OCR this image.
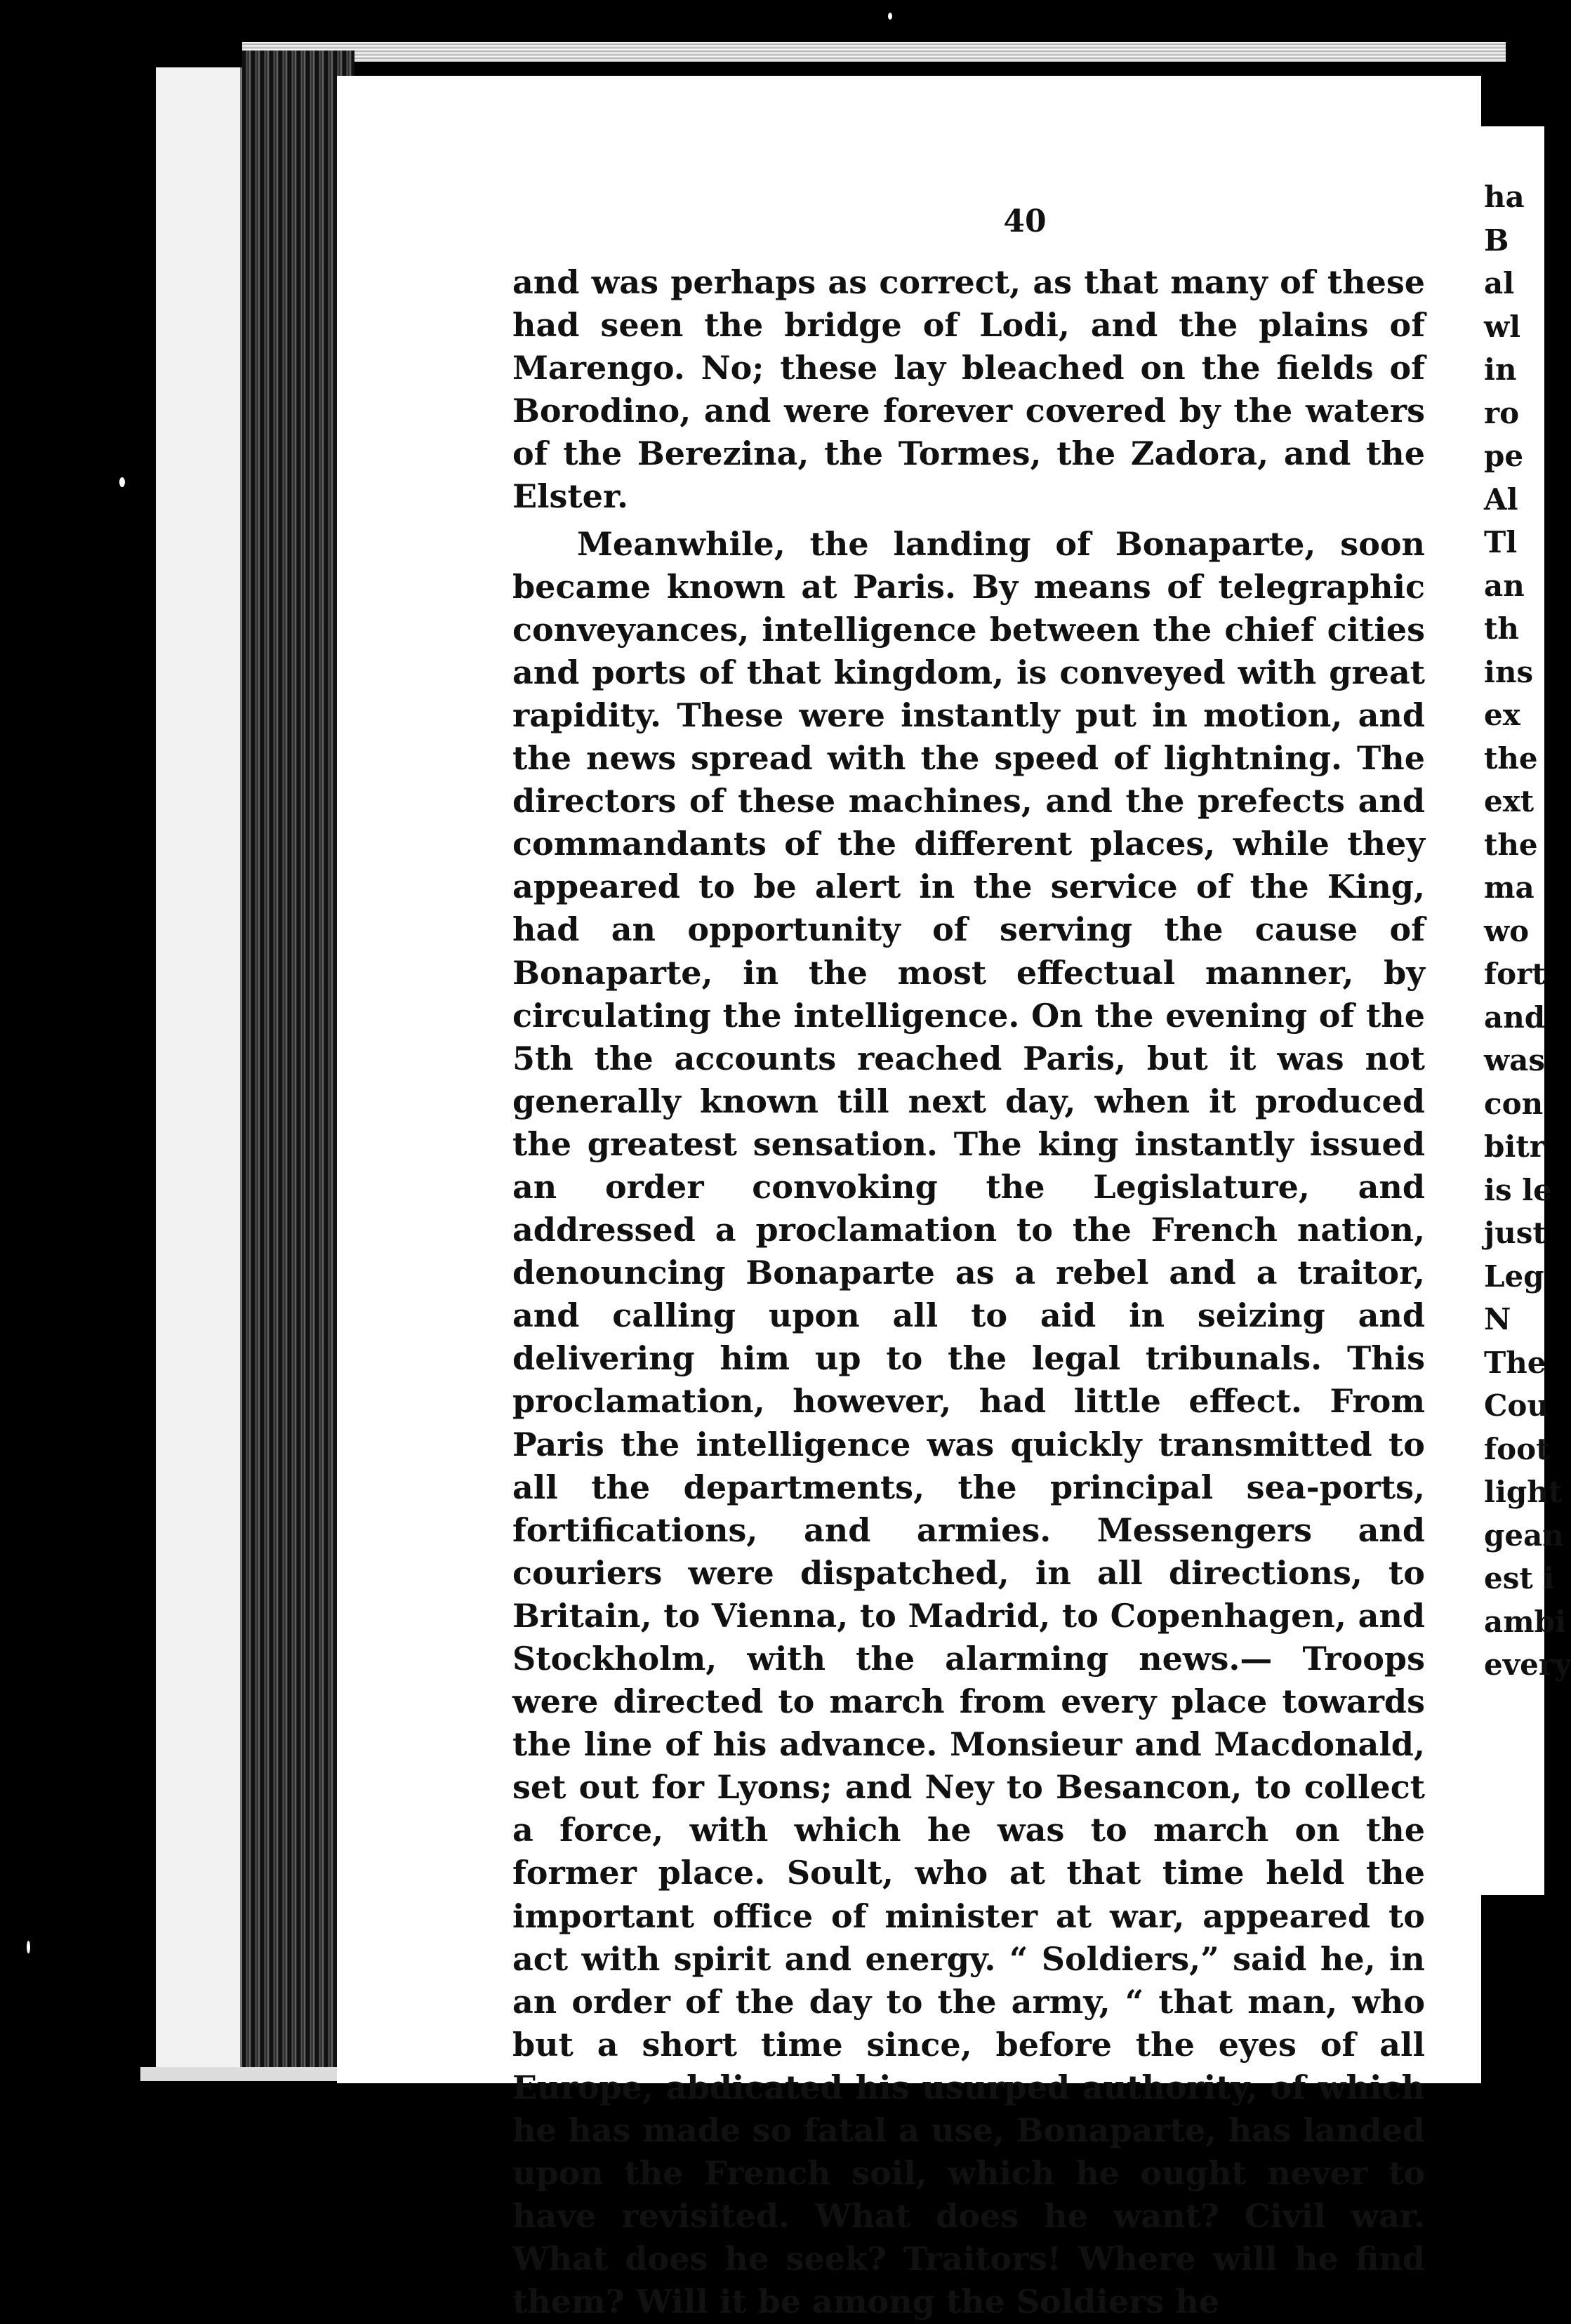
40

and was perhaps as correct, as that many of these had seen the bridge of Lodi, and the plains of Marengo. No; these lay bleached on the fields of Borodino, and were forever covered by the waters of the Berezina, the Tormes, the Zadora, and the Elster.

Meanwhile, the landing of Bonaparte, soon became known at Paris. By means of telegraphic conveyances, intelligence between the chief cities and ports of that kingdom, is conveyed with great rapidity. These were instantly put in motion, and the news spread with the speed of lightning. The directors of these machines, and the prefects and commandants of the different places, while they appeared to be alert in the service of the King, had an opportunity of serving the cause of Bonaparte, in the most effectual manner, by circulating the intelligence. On the evening of the 5th the accounts reached Paris, but it was not generally known till next day, when it produced the greatest sensation. The king instantly issued an order convoking the Legislature, and addressed a proclamation to the French nation, denouncing Bonaparte as a rebel and a traitor, and calling upon all to aid in seizing and delivering him up to the legal tribunals. This proclamation, however, had little effect. From Paris the intelligence was quickly transmitted to all the departments, the principal sea-ports, fortifications, and armies. Messengers and couriers were dispatched, in all directions, to Britain, to Vienna, to Madrid, to Copenhagen, and Stockholm, with the alarming news.— Troops were directed to march from every place towards the line of his advance. Monsieur and Macdonald, set out for Lyons; and Ney to Besancon, to collect a force, with which he was to march on the former place. Soult, who at that time held the important office of minister at war, appeared to act with spirit and energy. “ Soldiers,” said he, in an order of the day to the army, “ that man, who but a short time since, before the eyes of all Europe, abdicated his usurped authority, of which he has made so fatal a use, Bonaparte, has landed upon the French soil, which he ought never to have revisited. What does he want? Civil war. What does he seek? Traitors! Where will he find them? Will it be among the Soldiers he

ha
B
al
wl
in
ro
pe
Al
Tl
an
th
ins
ex
the
ext
the
ma
wo
fort
and
was
con
bitr
is le
just
Leg
N
The
Cou
foot
light
gean
est i
ambi
every
